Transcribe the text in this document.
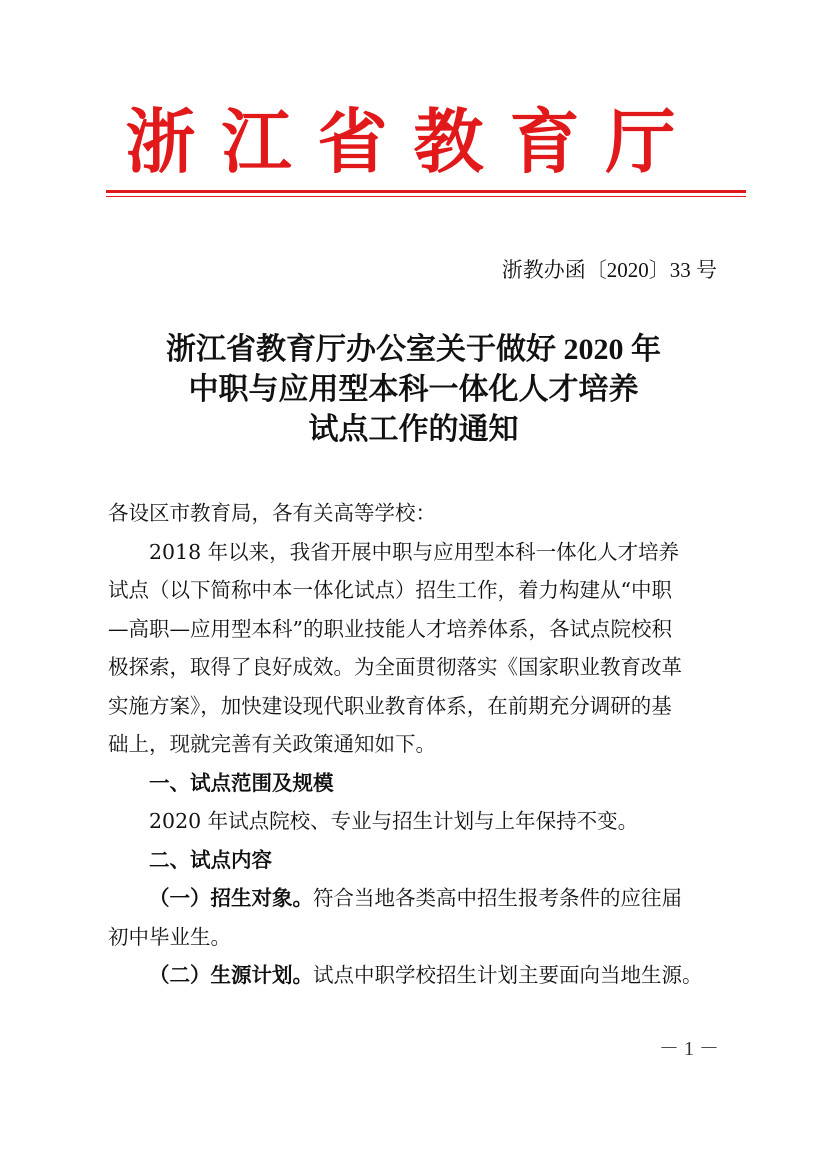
浙江省教育厅
浙教办函〔2020〕33 号
浙江省教育厅办公室关于做好 2020 年
中职与应用型本科一体化人才培养
试点工作的通知
各设区市教育局，各有关高等学校：
2018 年以来，我省开展中职与应用型本科一体化人才培养
试点（以下简称中本一体化试点）招生工作，着力构建从“中职
—高职—应用型本科”的职业技能人才培养体系，各试点院校积
极探索，取得了良好成效。为全面贯彻落实《国家职业教育改革
实施方案》，加快建设现代职业教育体系，在前期充分调研的基
础上，现就完善有关政策通知如下。
一、试点范围及规模
2020 年试点院校、专业与招生计划与上年保持不变。
二、试点内容
（一）招生对象。符合当地各类高中招生报考条件的应往届
初中毕业生。
（二）生源计划。试点中职学校招生计划主要面向当地生源。
－ 1 －
